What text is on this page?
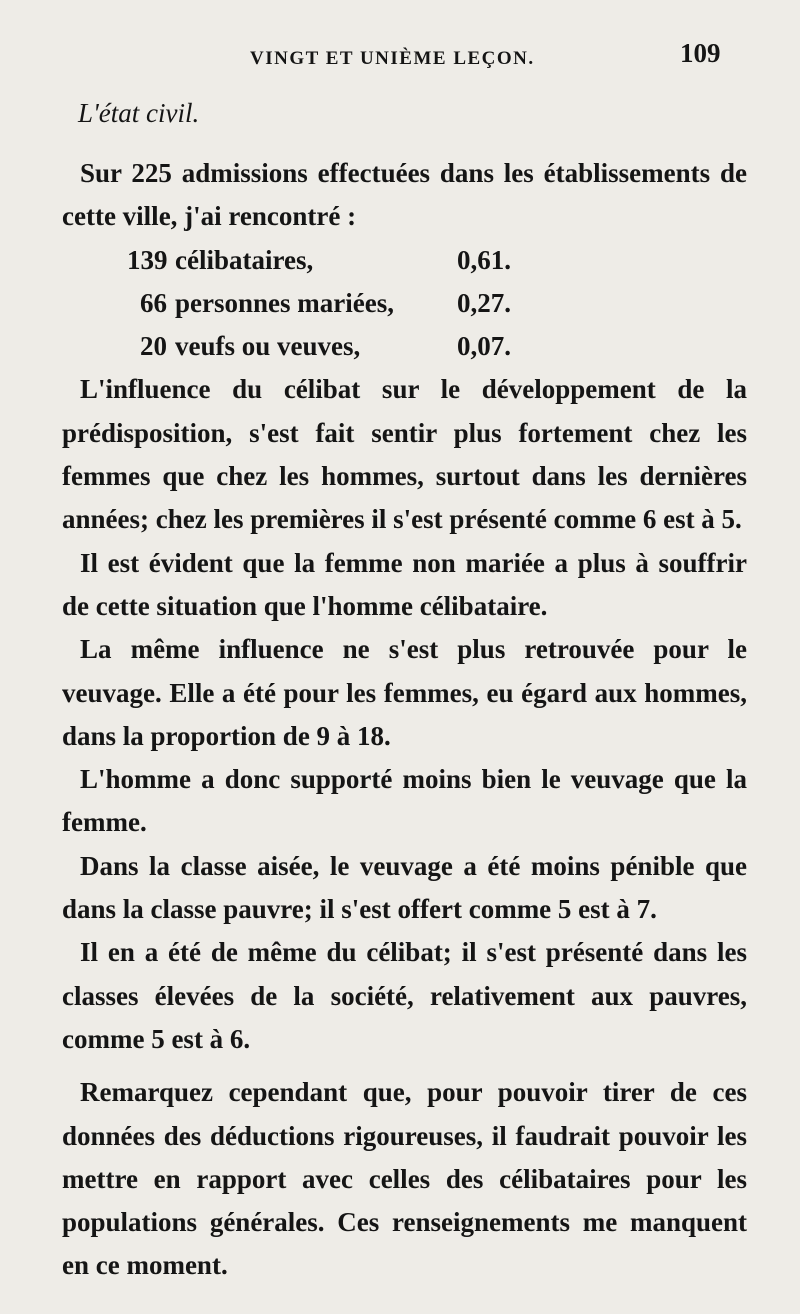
VINGT ET UNIÈME LEÇON.	109
L'état civil.

Sur 225 admissions effectuées dans les établissements de cette ville, j'ai rencontré :

139 célibataires,	0,61.
66 personnes mariées, 0,27.
20 veufs ou veuves,	0,07.

L'influence du célibat sur le développement de la prédisposition, s'est fait sentir plus fortement chez les femmes que chez les hommes, surtout dans les dernières années; chez les premières il s'est présenté comme 6 est à 5.

Il est évident que la femme non mariée a plus à souffrir de cette situation que l'homme célibataire.

La même influence ne s'est plus retrouvée pour le veuvage. Elle a été pour les femmes, eu égard aux hommes, dans la proportion de 9 à 18.

L'homme a donc supporté moins bien le veuvage que la femme.

Dans la classe aisée, le veuvage a été moins pénible que dans la classe pauvre; il s'est offert comme 5 est à 7.

Il en a été de même du célibat; il s'est présenté dans les classes élevées de la société, relativement aux pauvres, comme 5 est à 6.

Remarquez cependant que, pour pouvoir tirer de ces données des déductions rigoureuses, il faudrait pouvoir les mettre en rapport avec celles des célibataires pour les populations générales. Ces renseignements me manquent en ce moment.
